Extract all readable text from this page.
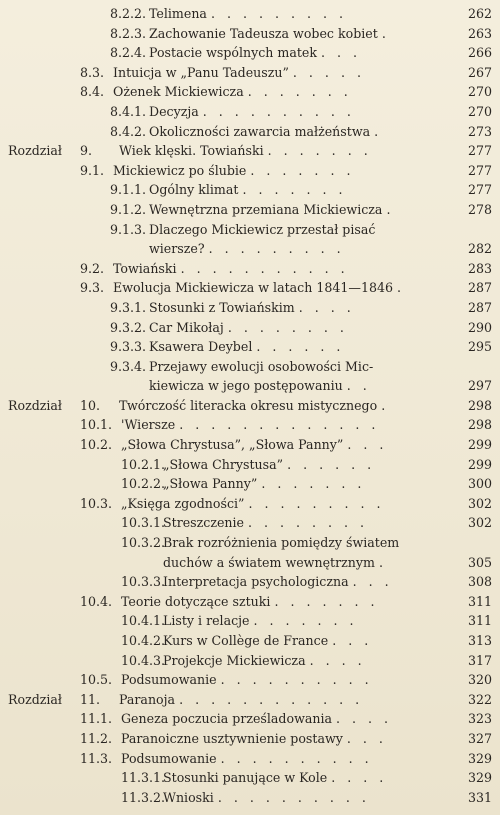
8.2.2. Telimena . . . . . . . . .	262
8.2.3. Zachowanie Tadeusza wobec kobiet .	263
8.2.4. Postacie wspólnych matek . . .	266
8.3. Intuicja w „Panu Tadeuszu” . . . . .	267
8.4. Ożenek Mickiewicza . . . . . . .	270
8.4.1. Decyzja . . . . . . . . . .	270
8.4.2. Okoliczności zawarcia małżeństwa .	273
Rozdział 9. Wiek klęski. Towiański . . . . . . .	277
9.1. Mickiewicz po ślubie . . . . . . .	277
9.1.1. Ogólny klimat . . . . . . .	277
9.1.2. Wewnętrzna przemiana Mickiewicza .	278
9.1.3. Dlaczego Mickiewicz przestał pisać
wiersze? . . . . . . . . .	282
9.2. Towiański . . . . . . . . . . .	283
9.3. Ewolucja Mickiewicza w latach 1841—1846 .	287
9.3.1. Stosunki z Towiańskim . . . .	287
9.3.2. Car Mikołaj . . . . . . . .	290
9.3.3. Ksawera Deybel . . . . . .	295
9.3.4. Przejawy ewolucji osobowości Mic-
kiewicza w jego postępowaniu . .	297
Rozdział 10. Twórczość literacka okresu mistycznego .	298
10.1. 'Wiersze . . . . . . . . . . . . .	298
10.2. „Słowa Chrystusa”, „Słowa Panny” . . .	299
10.2.1.
„Słowa Chrystusa” . . . . . .	299
10.2.2.
„Słowa Panny” . . . . . . .	300
10.3. „Księga zgodności” . . . . . . . . .	302
10.3.1.
Streszczenie . . . . . . . .	302
10.3.2.
Brak rozróżnienia pomiędzy światem
duchów a światem wewnętrznym .	305
10.3.3.
Interpretacja psychologiczna . . .	308
10.4. Teorie dotyczące sztuki . . . . . . .	311
10.4.1.
Listy i relacje . . . . . . .	311
10.4.2.
Kurs w Collège de France . . .	313
10.4.3.
Projekcje Mickiewicza . . . .	317
10.5. Podsumowanie . . . . . . . . . .	320
Rozdział 11. Paranoja . . . . . . . . . . . .	322
11.1. Geneza poczucia prześladowania . . . .	323
11.2. Paranoiczne usztywnienie postawy . . .	327
11.3. Podsumowanie . . . . . . . . . .	329
11.3.1.
Stosunki panujące w Kole . . . .	329
11.3.2.
Wnioski . . . . . . . . . .	331
